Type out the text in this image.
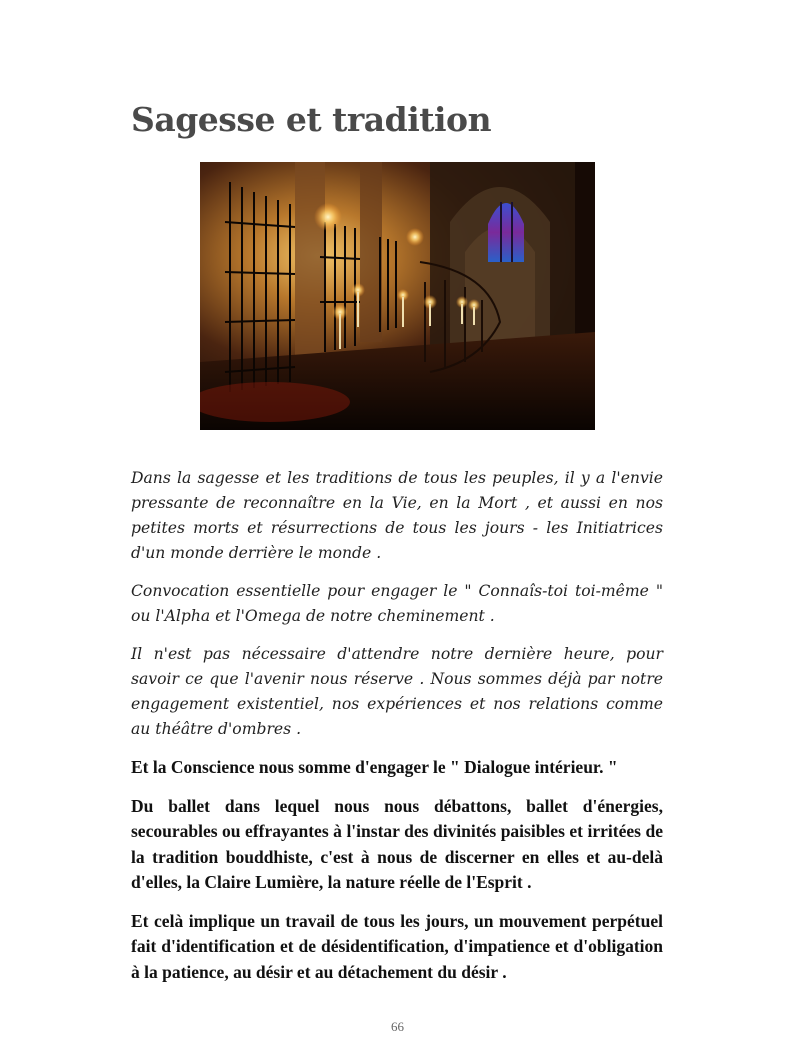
Sagesse et tradition

Dans la sagesse et les traditions de tous les peuples, il y a l'envie pressante de reconnaître en la Vie, en la Mort , et aussi en nos petites morts et résurrections de tous les jours - les Initiatrices d'un monde derrière le monde .

Convocation essentielle pour engager le " Connaîs-toi toi-même " ou l'Alpha et l'Omega de notre cheminement .

Il n'est pas nécessaire d'attendre notre dernière heure, pour savoir ce que l'avenir nous réserve . Nous sommes déjà par notre engagement existentiel, nos expériences et nos relations comme au théâtre d'ombres .

Et la Conscience nous somme d'engager le " Dialogue intérieur. "

Du ballet dans lequel nous nous débattons, ballet d'énergies, secourables ou effrayantes à l'instar des divinités paisibles et irritées de la tradition bouddhiste, c'est à nous de discerner en elles et au-delà d'elles, la Claire Lumière, la nature réelle de l'Esprit .

Et celà implique un travail de tous les jours, un mouvement perpétuel fait d'identification et de désidentification, d'impatience et d'obligation à la patience, au désir et au détachement du désir .

66
